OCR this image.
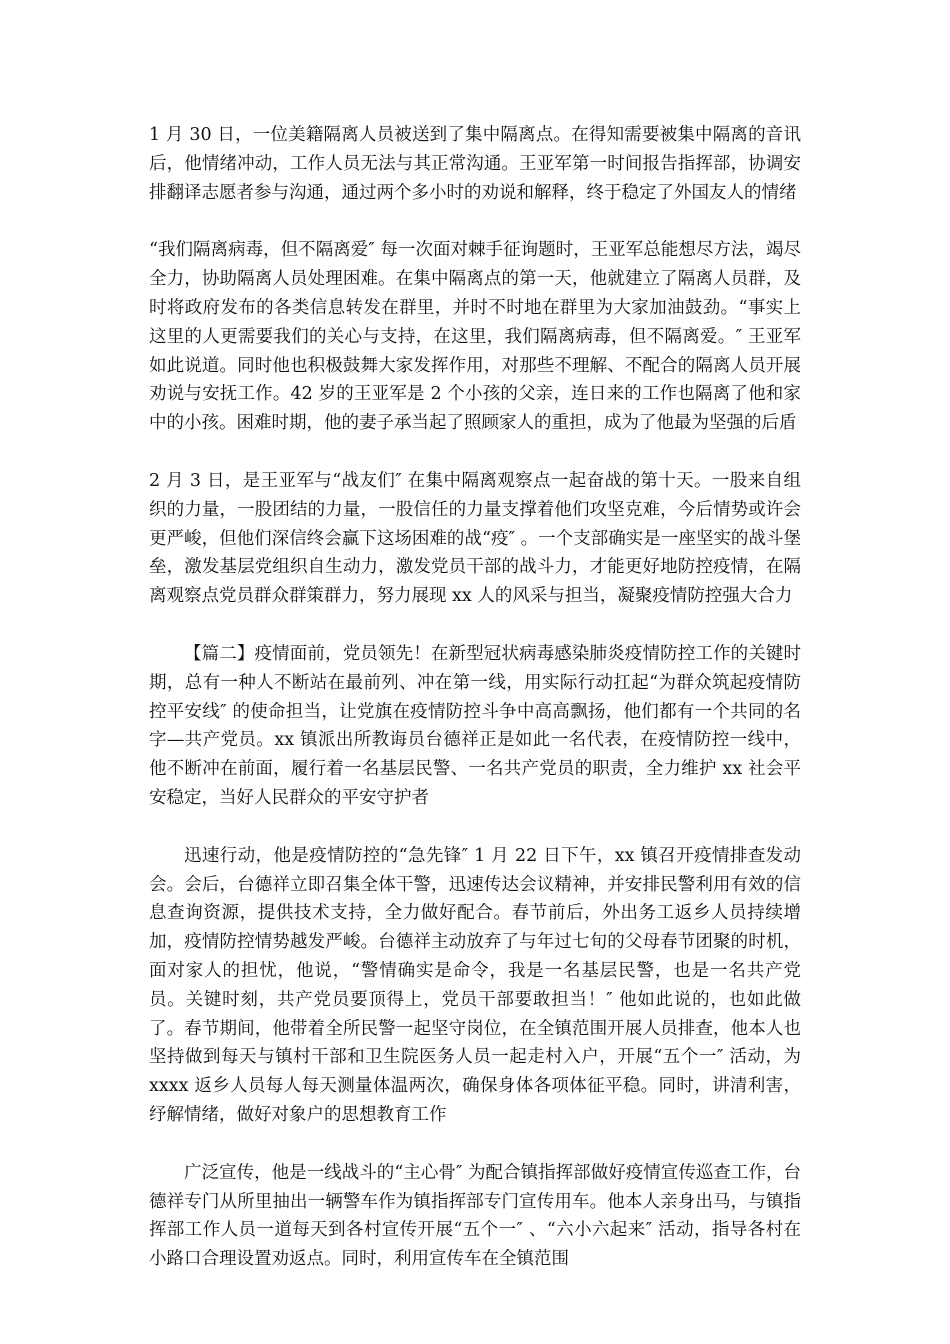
1 月 30 日，一位美籍隔离人员被送到了集中隔离点。在得知需要被集中隔离的音讯后，他情绪冲动，工作人员无法与其正常沟通。王亚军第一时间报告指挥部，协调安排翻译志愿者参与沟通，通过两个多小时的劝说和解释，终于稳定了外国友人的情绪

“我们隔离病毒，但不隔离爱″ 每一次面对棘手征询题时，王亚军总能想尽方法，竭尽全力，协助隔离人员处理困难。在集中隔离点的第一天，他就建立了隔离人员群，及时将政府发布的各类信息转发在群里，并时不时地在群里为大家加油鼓劲。“事实上这里的人更需要我们的关心与支持，在这里，我们隔离病毒，但不隔离爱。″ 王亚军如此说道。同时他也积极鼓舞大家发挥作用，对那些不理解、不配合的隔离人员开展劝说与安抚工作。42 岁的王亚军是 2 个小孩的父亲，连日来的工作也隔离了他和家中的小孩。困难时期，他的妻子承当起了照顾家人的重担，成为了他最为坚强的后盾

2 月 3 日，是王亚军与“战友们″ 在集中隔离观察点一起奋战的第十天。一股来自组织的力量，一股团结的力量，一股信任的力量支撑着他们攻坚克难，今后情势或许会更严峻，但他们深信终会赢下这场困难的战“疫″ 。一个支部确实是一座坚实的战斗堡垒，激发基层党组织自生动力，激发党员干部的战斗力，才能更好地防控疫情，在隔离观察点党员群众群策群力，努力展现 xx 人的风采与担当，凝聚疫情防控强大合力

【篇二】疫情面前，党员领先！在新型冠状病毒感染肺炎疫情防控工作的关键时期，总有一种人不断站在最前列、冲在第一线，用实际行动扛起“为群众筑起疫情防控平安线″ 的使命担当，让党旗在疫情防控斗争中高高飘扬，他们都有一个共同的名字—共产党员。xx 镇派出所教诲员台德祥正是如此一名代表，在疫情防控一线中，他不断冲在前面，履行着一名基层民警、一名共产党员的职责，全力维护 xx 社会平安稳定，当好人民群众的平安守护者

迅速行动，他是疫情防控的“急先锋″ 1 月 22 日下午，xx 镇召开疫情排查发动会。会后，台德祥立即召集全体干警，迅速传达会议精神，并安排民警利用有效的信息查询资源，提供技术支持，全力做好配合。春节前后，外出务工返乡人员持续增加，疫情防控情势越发严峻。台德祥主动放弃了与年过七旬的父母春节团聚的时机，面对家人的担忧，他说，“警情确实是命令，我是一名基层民警，也是一名共产党员。关键时刻，共产党员要顶得上，党员干部要敢担当！″ 他如此说的，也如此做了。春节期间，他带着全所民警一起坚守岗位，在全镇范围开展人员排查，他本人也坚持做到每天与镇村干部和卫生院医务人员一起走村入户，开展“五个一″ 活动，为 xxxx 返乡人员每人每天测量体温两次，确保身体各项体征平稳。同时，讲清利害，纾解情绪，做好对象户的思想教育工作

广泛宣传，他是一线战斗的“主心骨″ 为配合镇指挥部做好疫情宣传巡查工作，台德祥专门从所里抽出一辆警车作为镇指挥部专门宣传用车。他本人亲身出马，与镇指挥部工作人员一道每天到各村宣传开展“五个一″ 、“六小六起来″ 活动，指导各村在小路口合理设置劝返点。同时，利用宣传车在全镇范围
